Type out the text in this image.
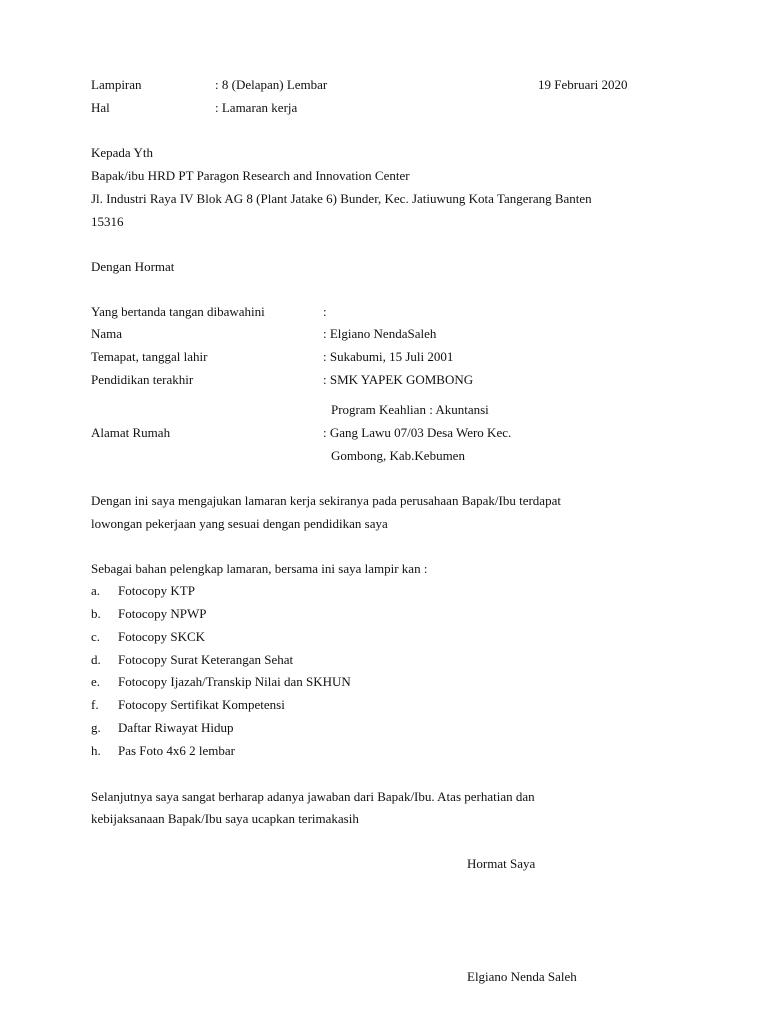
Lampiran	: 8 (Delapan) Lembar	19 Februari 2020
Hal	: Lamaran kerja
Kepada Yth
Bapak/ibu HRD PT Paragon Research and Innovation Center
Jl. Industri Raya IV Blok AG 8 (Plant Jatake 6) Bunder, Kec. Jatiuwung Kota Tangerang Banten
15316
Dengan Hormat
Yang bertanda tangan dibawahini	:
Nama	: Elgiano NendaSaleh
Temapat, tanggal lahir	: Sukabumi, 15 Juli 2001
Pendidikan terakhir	: SMK YAPEK GOMBONG
Program Keahlian : Akuntansi
Alamat Rumah	: Gang Lawu 07/03 Desa Wero Kec.
Gombong, Kab.Kebumen
Dengan ini saya mengajukan lamaran kerja sekiranya pada perusahaan Bapak/Ibu terdapat
lowongan pekerjaan yang sesuai dengan pendidikan saya
Sebagai bahan pelengkap lamaran, bersama ini saya lampir kan :
a. Fotocopy KTP
b. Fotocopy NPWP
c. Fotocopy SKCK
d. Fotocopy Surat Keterangan Sehat
e. Fotocopy Ijazah/Transkip Nilai dan SKHUN
f. Fotocopy Sertifikat Kompetensi
g. Daftar Riwayat Hidup
h. Pas Foto 4x6 2 lembar
Selanjutnya saya sangat berharap adanya jawaban dari Bapak/Ibu. Atas perhatian dan
kebijaksanaan Bapak/Ibu saya ucapkan terimakasih
Hormat Saya
Elgiano Nenda Saleh
